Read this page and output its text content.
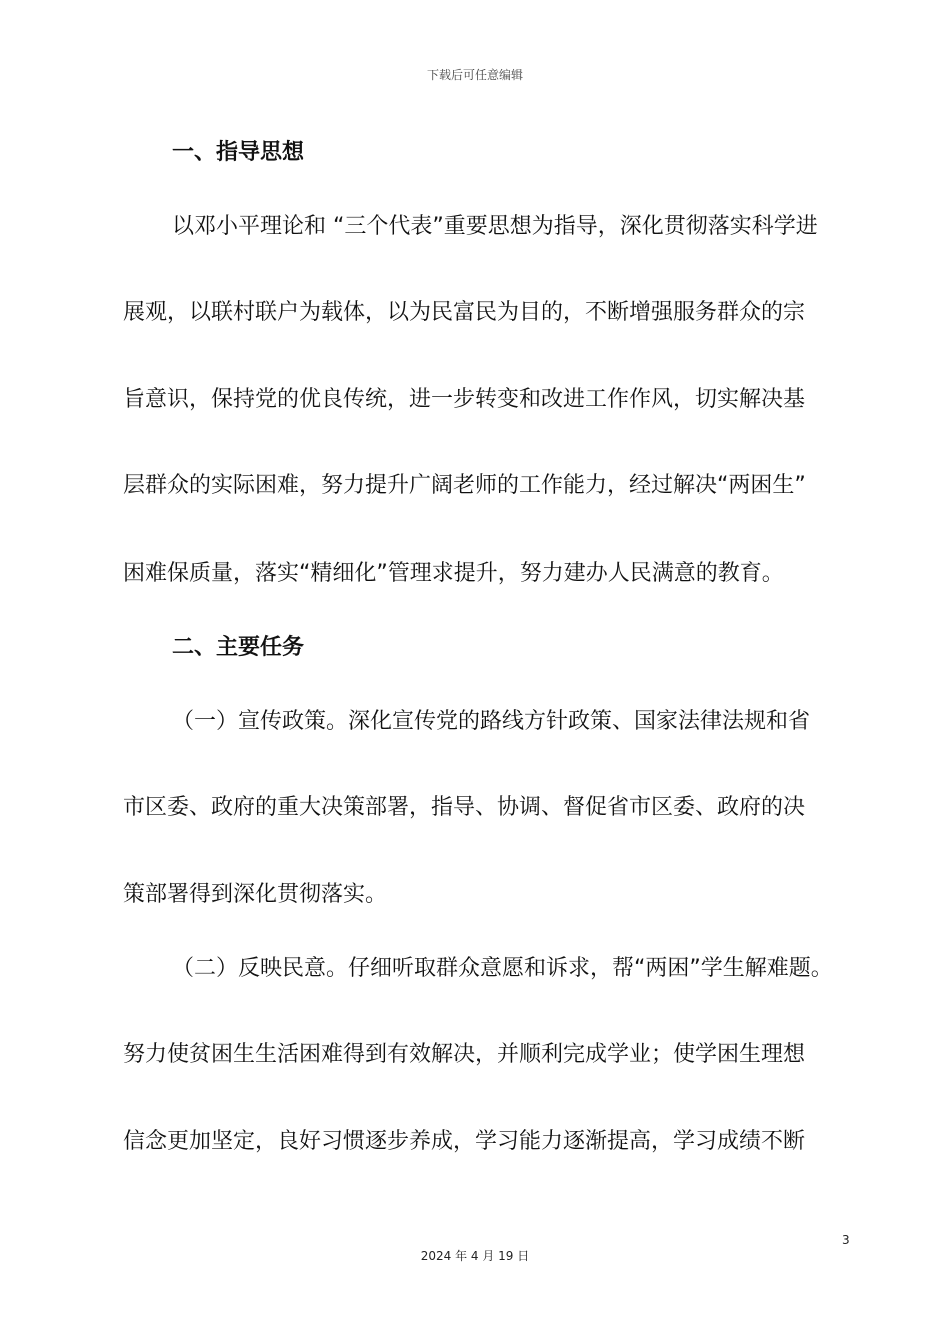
下载后可任意编辑
一、指导思想
以邓小平理论和 “三个代表”重要思想为指导，深化贯彻落实科学进
展观，以联村联户为载体，以为民富民为目的，不断增强服务群众的宗
旨意识，保持党的优良传统，进一步转变和改进工作作风，切实解决基
层群众的实际困难，努力提升广阔老师的工作能力，经过解决“两困生”
困难保质量，落实“精细化”管理求提升，努力建办人民满意的教育。
二、主要任务
（一）宣传政策。深化宣传党的路线方针政策、国家法律法规和省
市区委、政府的重大决策部署，指导、协调、督促省市区委、政府的决
策部署得到深化贯彻落实。
（二）反映民意。仔细听取群众意愿和诉求，帮“两困”学生解难题。
努力使贫困生生活困难得到有效解决，并顺利完成学业；使学困生理想
信念更加坚定，良好习惯逐步养成，学习能力逐渐提高，学习成绩不断
3
2024 年 4 月 19 日
